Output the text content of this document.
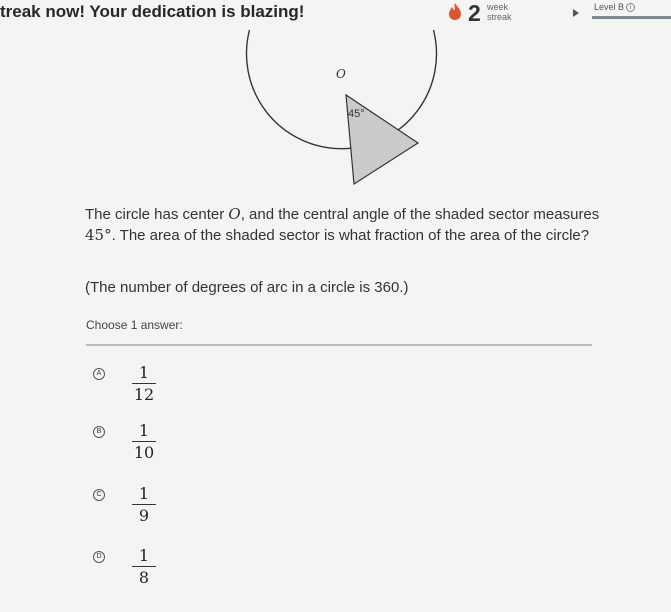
treak now! Your dedication is blazing!	2 week
streak
Level B i
O
45°
The circle has center O, and the central angle of the shaded sector measures 45°. The area of the shaded sector is what fraction of the area of the circle?
(The number of degrees of arc in a circle is 360.)
Choose 1 answer:
A	1
12
B	1
10
C	1
9
D	1
8
